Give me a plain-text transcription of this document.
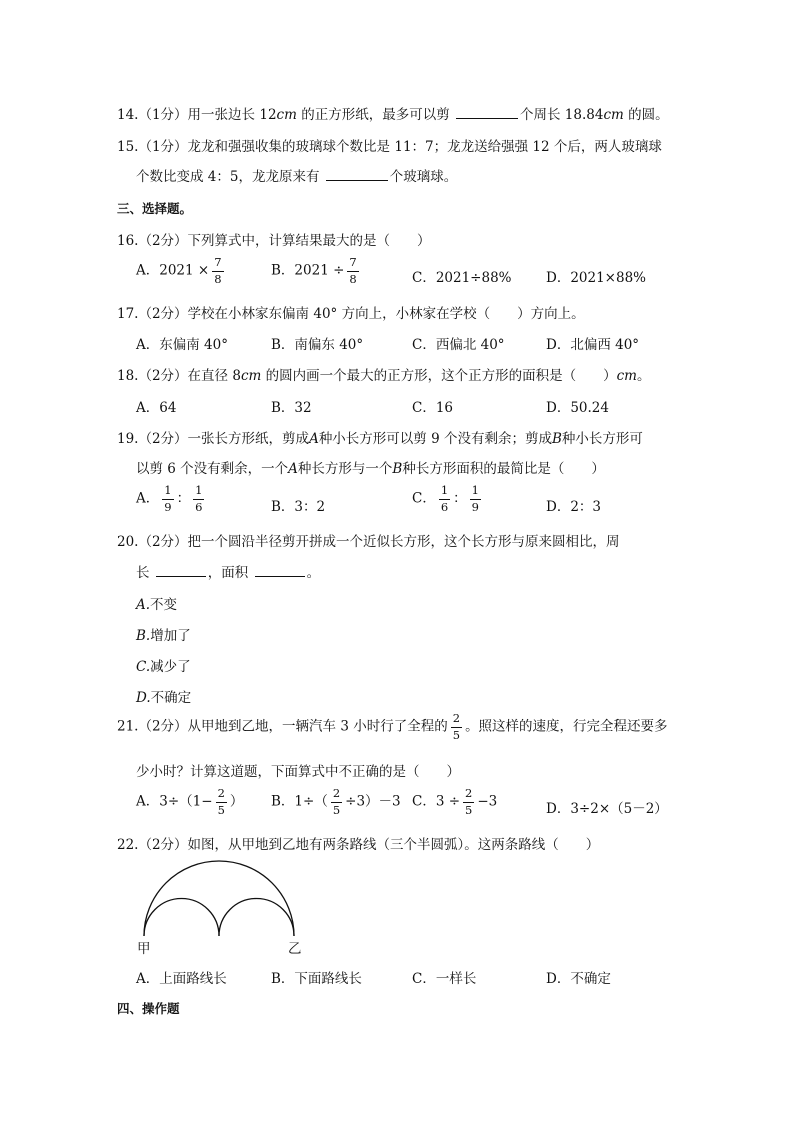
14.（1分）用一张边长 12cm 的正方形纸，最多可以剪	个周长 18.84cm 的圆。
15.（1分）龙龙和强强收集的玻璃球个数比是 11：7；龙龙送给强强 12 个后，两人玻璃球
个数比变成 4：5，龙龙原来有	个玻璃球。
三、选择题。
16.（2分）下列算式中，计算结果最大的是（　　）
A．$2021 \times \frac{7}{8}$	B．$2021 \div \frac{7}{8}$	C．2021÷88%	D．2021×88%
17.（2分）学校在小林家东偏南 40° 方向上，小林家在学校（　　）方向上。
A．东偏南 40°	B．南偏东 40°	C．西偏北 40°	D．北偏西 40°
18.（2分）在直径 8cm 的圆内画一个最大的正方形，这个正方形的面积是（　　）cm。
A．64	B．32	C．16	D．50.24
19.（2分）一张长方形纸，剪成A种小长方形可以剪 9 个没有剩余；剪成B种小长方形可
以剪 6 个没有剩余，一个A种长方形与一个B种长方形面积的最简比是（　　）
A． $\frac{1}{9}$ ： $\frac{1}{6}$	B．3：2
C． $\frac{1}{6}$ ： $\frac{1}{9}$	D．2：3
20.（2分）把一个圆沿半径剪开拼成一个近似长方形，这个长方形与原来圆相比，周
长	，面积	。
A.不变
B.增加了
C.减少了
D.不确定
21.（2分）从甲地到乙地，一辆汽车 3 小时行了全程的 $\frac{2}{5}$ 。照这样的速度，行完全程还要多
少小时？计算这道题，下面算式中不正确的是（　　）
A．$3\div(1- \frac{2}{5}$ ） B．$1\div( \frac{2}{5} \div 3)-3$ C．$3 \div \frac{2}{5} -3$	D．3÷2×（5－2）
22.（2分）如图，从甲地到乙地有两条路线（三个半圆弧）。这两条路线（　　）
甲	乙
A．上面路线长	B．下面路线长	C．一样长	D．不确定
四、操作题
